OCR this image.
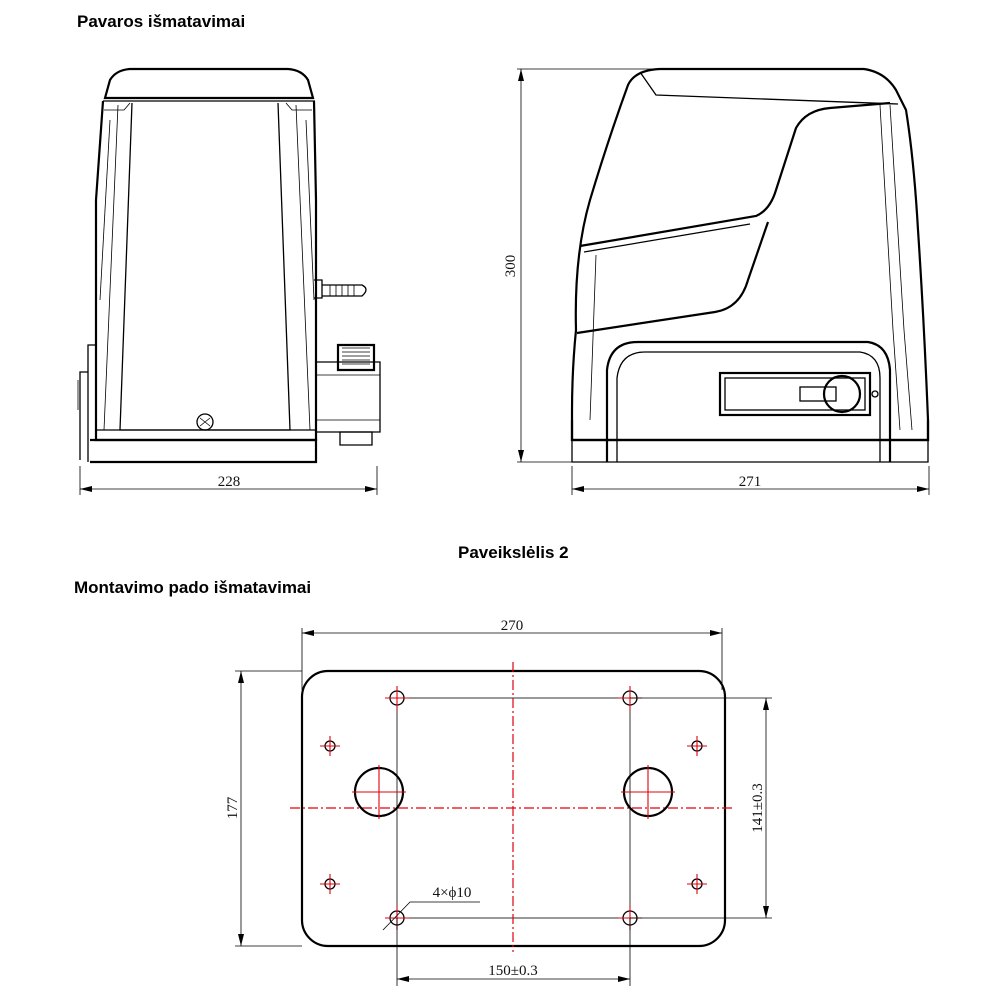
Pavaros išmatavimai
Paveikslėlis 2
Montavimo pado išmatavimai
228
300
271
270
177	141±0.3
150±0.3
4×ϕ10
